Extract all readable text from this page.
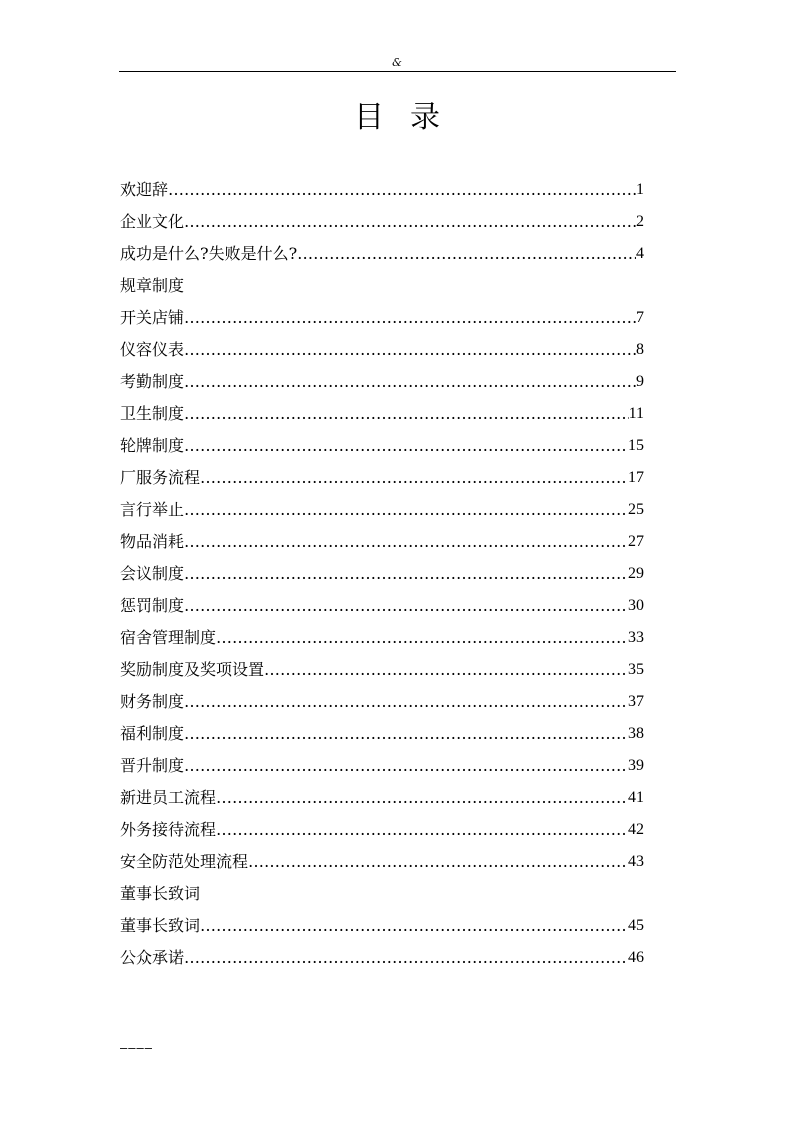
&
目录
欢迎辞 …………………………………………………………………………………………………………………………………………………………	1
企业文化 …………………………………………………………………………………………………………………………………………………………	2
成功是什么?失败是什么? …………………………………………………………………………………………………………………………………………………………	4
规章制度
开关店铺 …………………………………………………………………………………………………………………………………………………………	7
仪容仪表 …………………………………………………………………………………………………………………………………………………………	8
考勤制度 …………………………………………………………………………………………………………………………………………………………	9
卫生制度 …………………………………………………………………………………………………………………………………………………………	11
轮牌制度 …………………………………………………………………………………………………………………………………………………………	15
厂服务流程 …………………………………………………………………………………………………………………………………………………………	17
言行举止 …………………………………………………………………………………………………………………………………………………………	25
物品消耗 …………………………………………………………………………………………………………………………………………………………	27
会议制度 …………………………………………………………………………………………………………………………………………………………	29
惩罚制度 …………………………………………………………………………………………………………………………………………………………	30
宿舍管理制度 …………………………………………………………………………………………………………………………………………………………	33
奖励制度及奖项设置 …………………………………………………………………………………………………………………………………………………………	35
财务制度 …………………………………………………………………………………………………………………………………………………………	37
福利制度 …………………………………………………………………………………………………………………………………………………………	38
晋升制度 …………………………………………………………………………………………………………………………………………………………	39
新进员工流程 …………………………………………………………………………………………………………………………………………………………	41
外务接待流程 …………………………………………………………………………………………………………………………………………………………	42
安全防范处理流程 …………………………………………………………………………………………………………………………………………………………	43
董事长致词
董事长致词 …………………………………………………………………………………………………………………………………………………………	45
公众承诺 …………………………………………………………………………………………………………………………………………………………	46
––––
